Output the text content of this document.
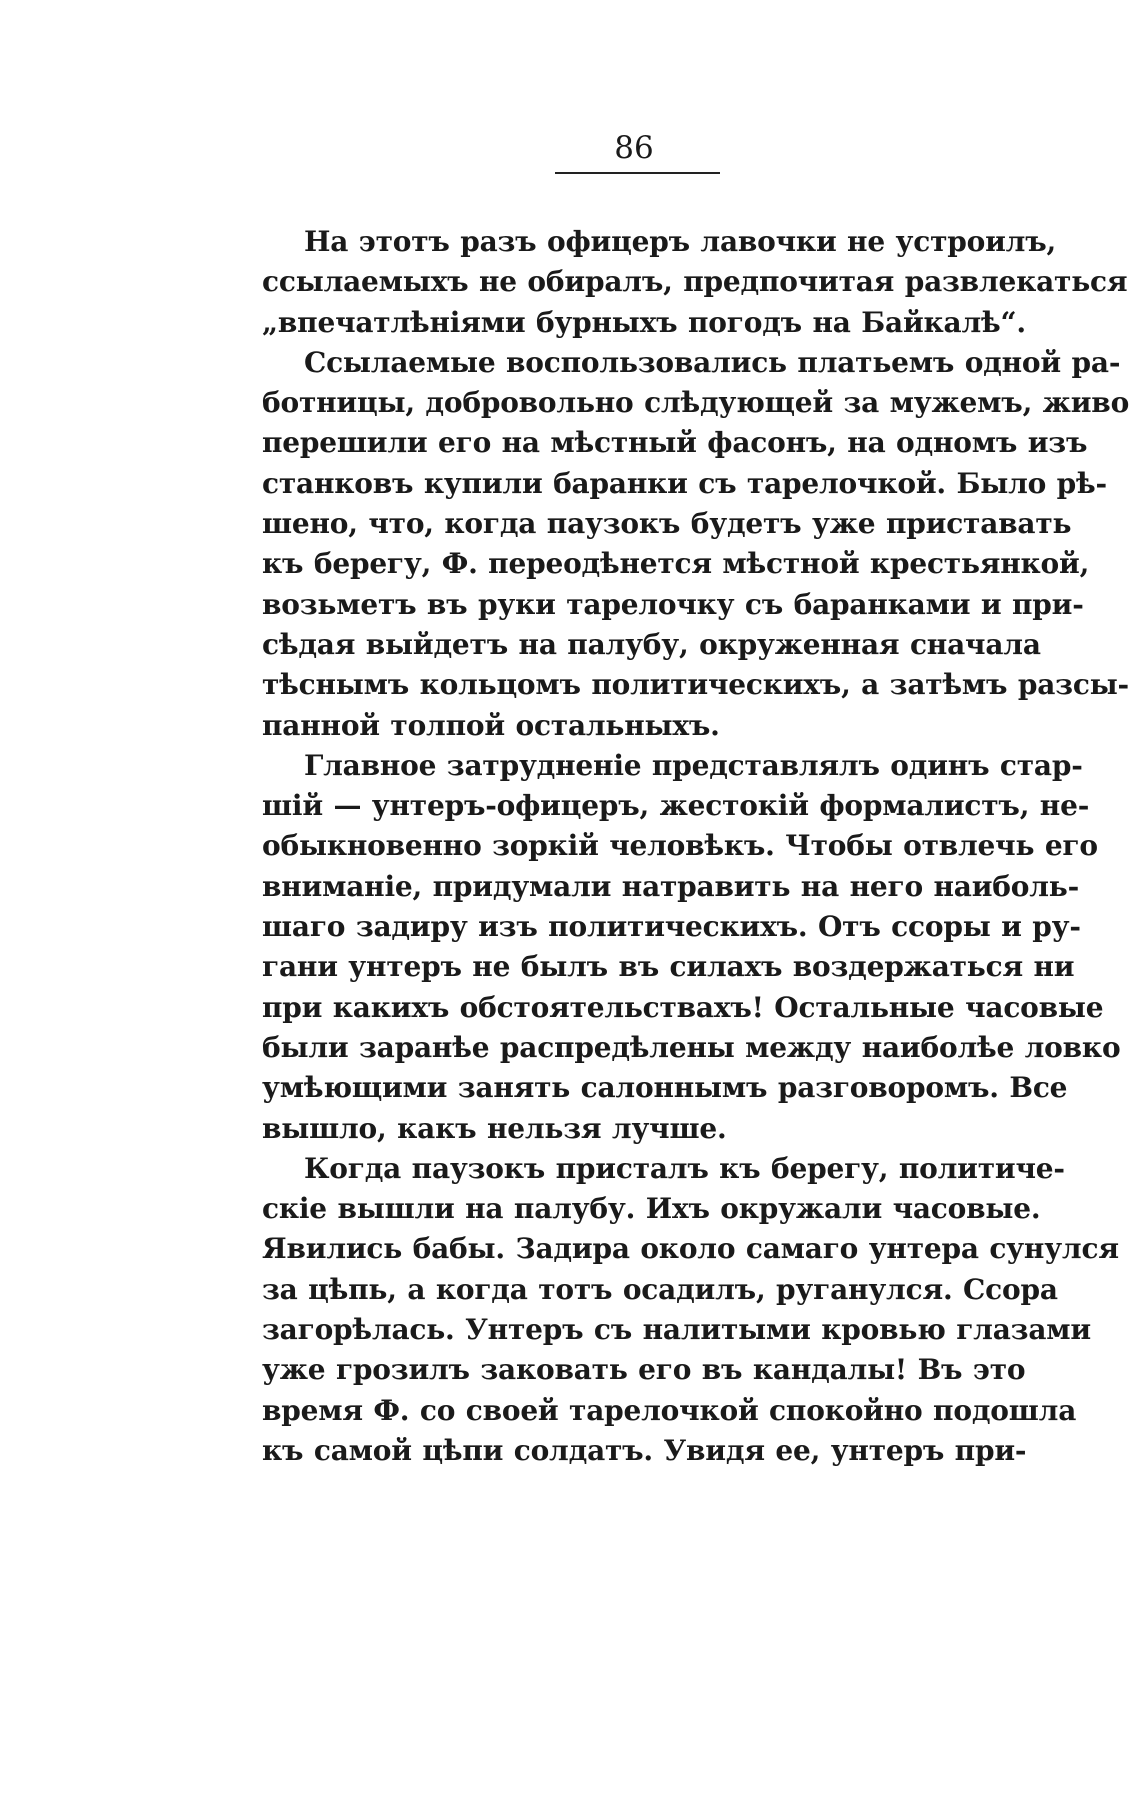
86

На этотъ разъ офицеръ лавочки не устроилъ,
ссылаемыхъ не обиралъ, предпочитая развлекаться
„впечатлѣніями бурныхъ погодъ на Байкалѣ“.

Ссылаемые воспользовались платьемъ одной ра-
ботницы, добровольно слѣдующей за мужемъ, живо
перешили его на мѣстный фасонъ, на одномъ изъ
станковъ купили баранки съ тарелочкой. Было рѣ-
шено, что, когда паузокъ будетъ уже приставать
къ берегу, Ф. переодѣнется мѣстной крестьянкой,
возьметъ въ руки тарелочку съ баранками и при-
сѣдая выйдетъ на палубу, окруженная сначала
тѣснымъ кольцомъ политическихъ, а затѣмъ разсы-
панной толпой остальныхъ.

Главное затрудненіе представлялъ одинъ стар-
шій — унтеръ-офицеръ, жестокій формалистъ, не-
обыкновенно зоркій человѣкъ. Чтобы отвлечь его
вниманіе, придумали натравить на него наиболь-
шаго задиру изъ политическихъ. Отъ ссоры и ру-
гани унтеръ не былъ въ силахъ воздержаться ни
при какихъ обстоятельствахъ! Остальные часовые
были заранѣе распредѣлены между наиболѣе ловко
умѣющими занять салоннымъ разговоромъ. Все
вышло, какъ нельзя лучше.

Когда паузокъ присталъ къ берегу, политиче-
скіе вышли на палубу. Ихъ окружали часовые.
Явились бабы. Задира около самаго унтера сунулся
за цѣпь, а когда тотъ осадилъ, руганулся. Ссора
загорѣлась. Унтеръ съ налитыми кровью глазами
уже грозилъ заковать его въ кандалы! Въ это
время Ф. со своей тарелочкой спокойно подошла
къ самой цѣпи солдатъ. Увидя ее, унтеръ при-
